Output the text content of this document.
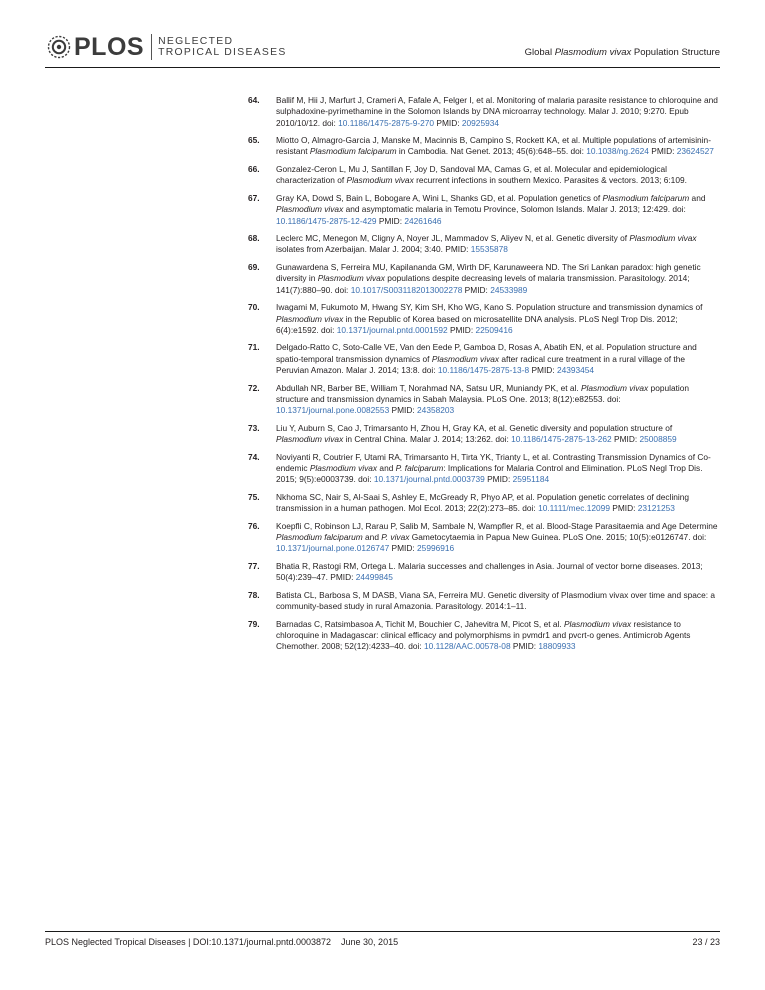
PLOS NEGLECTED
TROPICAL DISEASES	Global Plasmodium vivax Population Structure
64.	Ballif M, Hii J, Marfurt J, Crameri A, Fafale A, Felger I, et al. Monitoring of malaria parasite resistance to chloroquine and sulphadoxine-pyrimethamine in the Solomon Islands by DNA microarray technology. Malar J. 2010; 9:270. Epub 2010/10/12. doi: 10.1186/1475-2875-9-270 PMID: 20925934
65.	Miotto O, Almagro-Garcia J, Manske M, Macinnis B, Campino S, Rockett KA, et al. Multiple populations of artemisinin-resistant Plasmodium falciparum in Cambodia. Nat Genet. 2013; 45(6):648–55. doi: 10.1038/ng.2624 PMID: 23624527
66.	Gonzalez-Ceron L, Mu J, Santillan F, Joy D, Sandoval MA, Camas G, et al. Molecular and epidemiological characterization of Plasmodium vivax recurrent infections in southern Mexico. Parasites & vectors. 2013; 6:109.
67.	Gray KA, Dowd S, Bain L, Bobogare A, Wini L, Shanks GD, et al. Population genetics of Plasmodium falciparum and Plasmodium vivax and asymptomatic malaria in Temotu Province, Solomon Islands. Malar J. 2013; 12:429. doi: 10.1186/1475-2875-12-429 PMID: 24261646
68.	Leclerc MC, Menegon M, Cligny A, Noyer JL, Mammadov S, Aliyev N, et al. Genetic diversity of Plasmodium vivax isolates from Azerbaijan. Malar J. 2004; 3:40. PMID: 15535878
69.	Gunawardena S, Ferreira MU, Kapilananda GM, Wirth DF, Karunaweera ND. The Sri Lankan paradox: high genetic diversity in Plasmodium vivax populations despite decreasing levels of malaria transmission. Parasitology. 2014; 141(7):880–90. doi: 10.1017/S0031182013002278 PMID: 24533989
70.	Iwagami M, Fukumoto M, Hwang SY, Kim SH, Kho WG, Kano S. Population structure and transmission dynamics of Plasmodium vivax in the Republic of Korea based on microsatellite DNA analysis. PLoS Negl Trop Dis. 2012; 6(4):e1592. doi: 10.1371/journal.pntd.0001592 PMID: 22509416
71.	Delgado-Ratto C, Soto-Calle VE, Van den Eede P, Gamboa D, Rosas A, Abatih EN, et al. Population structure and spatio-temporal transmission dynamics of Plasmodium vivax after radical cure treatment in a rural village of the Peruvian Amazon. Malar J. 2014; 13:8. doi: 10.1186/1475-2875-13-8 PMID: 24393454
72.	Abdullah NR, Barber BE, William T, Norahmad NA, Satsu UR, Muniandy PK, et al. Plasmodium vivax population structure and transmission dynamics in Sabah Malaysia. PLoS One. 2013; 8(12):e82553. doi: 10.1371/journal.pone.0082553 PMID: 24358203
73.	Liu Y, Auburn S, Cao J, Trimarsanto H, Zhou H, Gray KA, et al. Genetic diversity and population structure of Plasmodium vivax in Central China. Malar J. 2014; 13:262. doi: 10.1186/1475-2875-13-262 PMID: 25008859
74.	Noviyanti R, Coutrier F, Utami RA, Trimarsanto H, Tirta YK, Trianty L, et al. Contrasting Transmission Dynamics of Co-endemic Plasmodium vivax and P. falciparum: Implications for Malaria Control and Elimination. PLoS Negl Trop Dis. 2015; 9(5):e0003739. doi: 10.1371/journal.pntd.0003739 PMID: 25951184
75.	Nkhoma SC, Nair S, Al-Saai S, Ashley E, McGready R, Phyo AP, et al. Population genetic correlates of declining transmission in a human pathogen. Mol Ecol. 2013; 22(2):273–85. doi: 10.1111/mec.12099 PMID: 23121253
76.	Koepfli C, Robinson LJ, Rarau P, Salib M, Sambale N, Wampfler R, et al. Blood-Stage Parasitaemia and Age Determine Plasmodium falciparum and P. vivax Gametocytaemia in Papua New Guinea. PLoS One. 2015; 10(5):e0126747. doi: 10.1371/journal.pone.0126747 PMID: 25996916
77.	Bhatia R, Rastogi RM, Ortega L. Malaria successes and challenges in Asia. Journal of vector borne diseases. 2013; 50(4):239–47. PMID: 24499845
78.	Batista CL, Barbosa S, M DASB, Viana SA, Ferreira MU. Genetic diversity of Plasmodium vivax over time and space: a community-based study in rural Amazonia. Parasitology. 2014:1–11.
79.	Barnadas C, Ratsimbasoa A, Tichit M, Bouchier C, Jahevitra M, Picot S, et al. Plasmodium vivax resistance to chloroquine in Madagascar: clinical efficacy and polymorphisms in pvmdr1 and pvcrt-o genes. Antimicrob Agents Chemother. 2008; 52(12):4233–40. doi: 10.1128/AAC.00578-08 PMID: 18809933
PLOS Neglected Tropical Diseases | DOI:10.1371/journal.pntd.0003872 June 30, 2015	23 / 23
